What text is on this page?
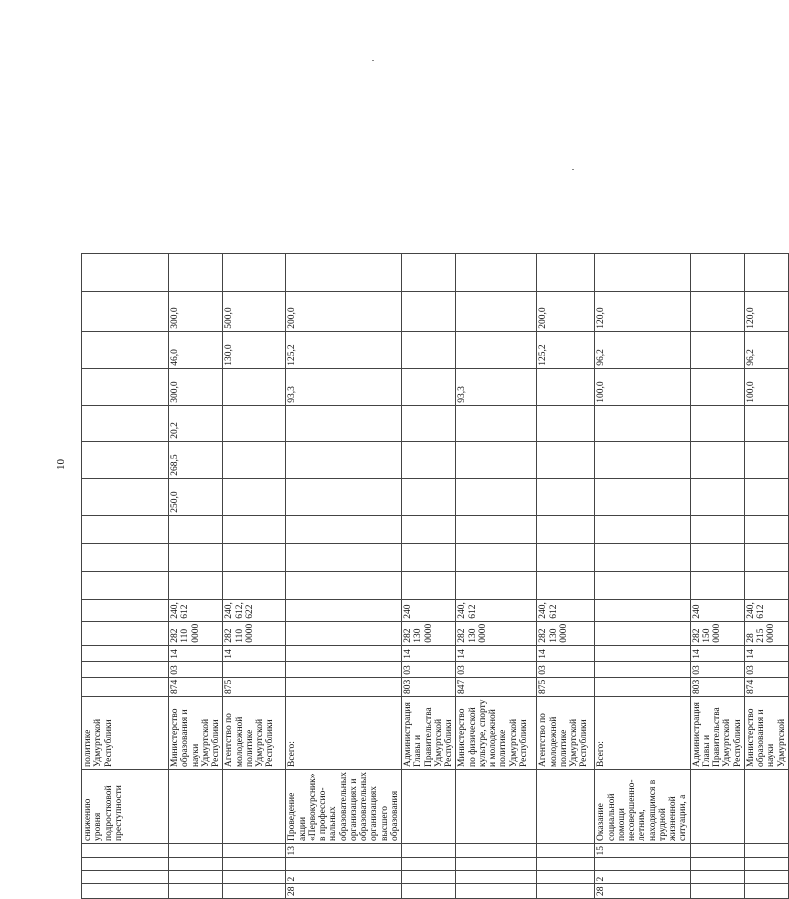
10
				снижению уровня подростковой преступности	политике Удмуртской Республики															
					Министерство образования и науки Удмуртской Республики	874	03	14	282 110 0000	240, 612				250,0	268,5	20,2	300,0	46,0	300,0	
					Агентство по молодежной политике Удмуртской Республики	875		14	282 110 0000	240, 612, 622								130,0	500,0	
28	2		13	Проведение акции «Первокурсник» в профессио-нальных образовательных организациях и образовательных организациях высшего образования	Всего:												93,3	125,2	200,0	
					Администрация Главы и Правительства Удмуртской Республики	803	03	14	282 130 0000	240										
					Министерство по физической культуре, спорту и молодежной политике Удмуртской Республики	847	03	14	282 130 0000	240, 612							93,3			
					Агентство по молодежной политике Удмуртской Республики	875	03	14	282 130 0000	240, 612								125,2	200,0	
28	2		15	Оказание социальной помощи несовершенно-летним, находящимся в трудной жизненной ситуации, а	Всего:												100,0	96,2	120,0	
					Администрация Главы и Правительства Удмуртской Республики	803	03	14	282 150 0000	240										
					Министерство образования и науки Удмуртской	874	03	14	28 215 0000	240, 612							100,0	96,2	120,0	
